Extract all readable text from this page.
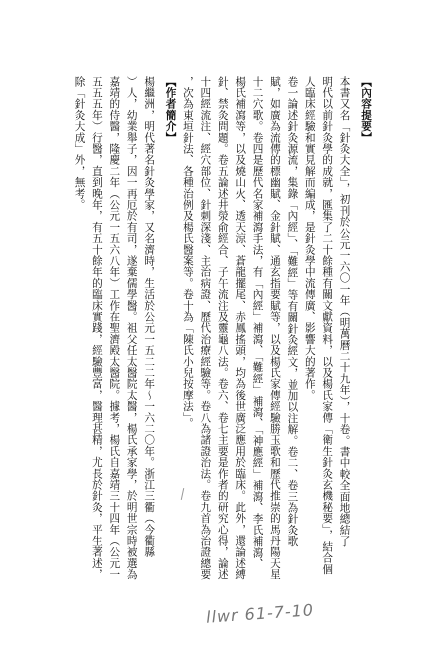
【內容提要】
本書又名「針灸大全」，初刊於公元一六〇一年（明萬曆二十九年），十卷。書中較全面地總結了
明代以前針灸學的成就，匯集了二十餘種有關文獻資料，以及楊氏家傳「衛生針灸玄機秘要」，結合個
人臨床經驗和實見解而編成，是針灸學中流傳廣、影響大的著作。
卷一論述針灸源流，集錄「內經」、「難經」等有關針灸經文，並加以注解。卷二、卷三為針灸歌
賦，如廣為流傳的標幽賦、金針賦、通玄指要賦等，以及楊氏家傳經驗勝玉歌和歷代推崇的馬丹陽天星
十二穴歌。卷四是歷代名家補瀉手法，有「內經」補瀉、「難經」補瀉、「神應經」補瀉、李氏補瀉、
楊氏補瀉等，以及燒山火、透天涼、蒼龍擺尾、赤鳳搖頭，均為後世廣泛應用於臨床。此外，還論述縛
針、禁灸問題。卷五論述井滎俞經合、子午流注及靈龜八法。卷六、卷七主要是作者的研究心得，論述
十四經流注、經穴部位、針刺深淺、主治病證、歷代治療經驗等。卷八為諸證治法。卷九首為治證總要
，次為東垣針法、各種治例及楊氏醫案等。卷十為「陳氏小兒按摩法」。
【作者簡介】
楊繼洲，明代著名針灸學家，又名濟時，生活於公元一五二二年～一六二〇年。浙江三衢（今衢縣
）人，幼業舉子，因一再厄於有司，遂棄儒學醫。祖父任太醫院太醫，楊氏承家學，於明世宗時被選為
嘉靖的侍醫，隆慶二年（公元一五六八年）工作在聖濟殿太醫院。據考，楊氏自嘉靖三十四年（公元一
五五五年）行醫，直到晚年，有五十餘年的臨床實踐，經驗豐富，醫理甚精，尤長於針灸，平生著述，
除「針灸大成」外，無考。
llwr 61-7-10
